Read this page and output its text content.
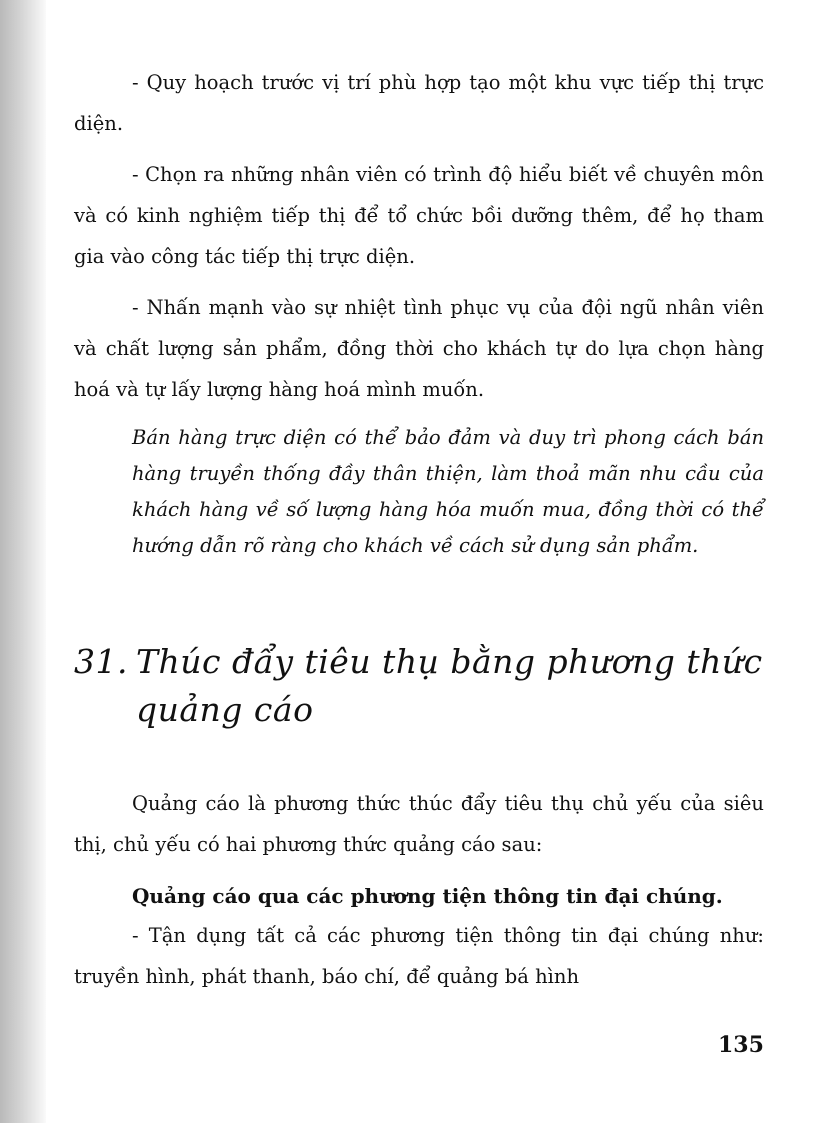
- Quy hoạch trước vị trí phù hợp tạo một khu vực tiếp thị trực diện.

- Chọn ra những nhân viên có trình độ hiểu biết về chuyên môn và có kinh nghiệm tiếp thị để tổ chức bồi dưỡng thêm, để họ tham gia vào công tác tiếp thị trực diện.

- Nhấn mạnh vào sự nhiệt tình phục vụ của đội ngũ nhân viên và chất lượng sản phẩm, đồng thời cho khách tự do lựa chọn hàng hoá và tự lấy lượng hàng hoá mình muốn.

Bán hàng trực diện có thể bảo đảm và duy trì phong cách bán hàng truyền thống đầy thân thiện, làm thoả mãn nhu cầu của khách hàng về số lượng hàng hóa muốn mua, đồng thời có thể hướng dẫn rõ ràng cho khách về cách sử dụng sản phẩm.

31. Thúc đẩy tiêu thụ bằng phương thức quảng cáo

Quảng cáo là phương thức thúc đẩy tiêu thụ chủ yếu của siêu thị, chủ yếu có hai phương thức quảng cáo sau:

Quảng cáo qua các phương tiện thông tin đại chúng.

- Tận dụng tất cả các phương tiện thông tin đại chúng như: truyền hình, phát thanh, báo chí, để quảng bá hình

135
